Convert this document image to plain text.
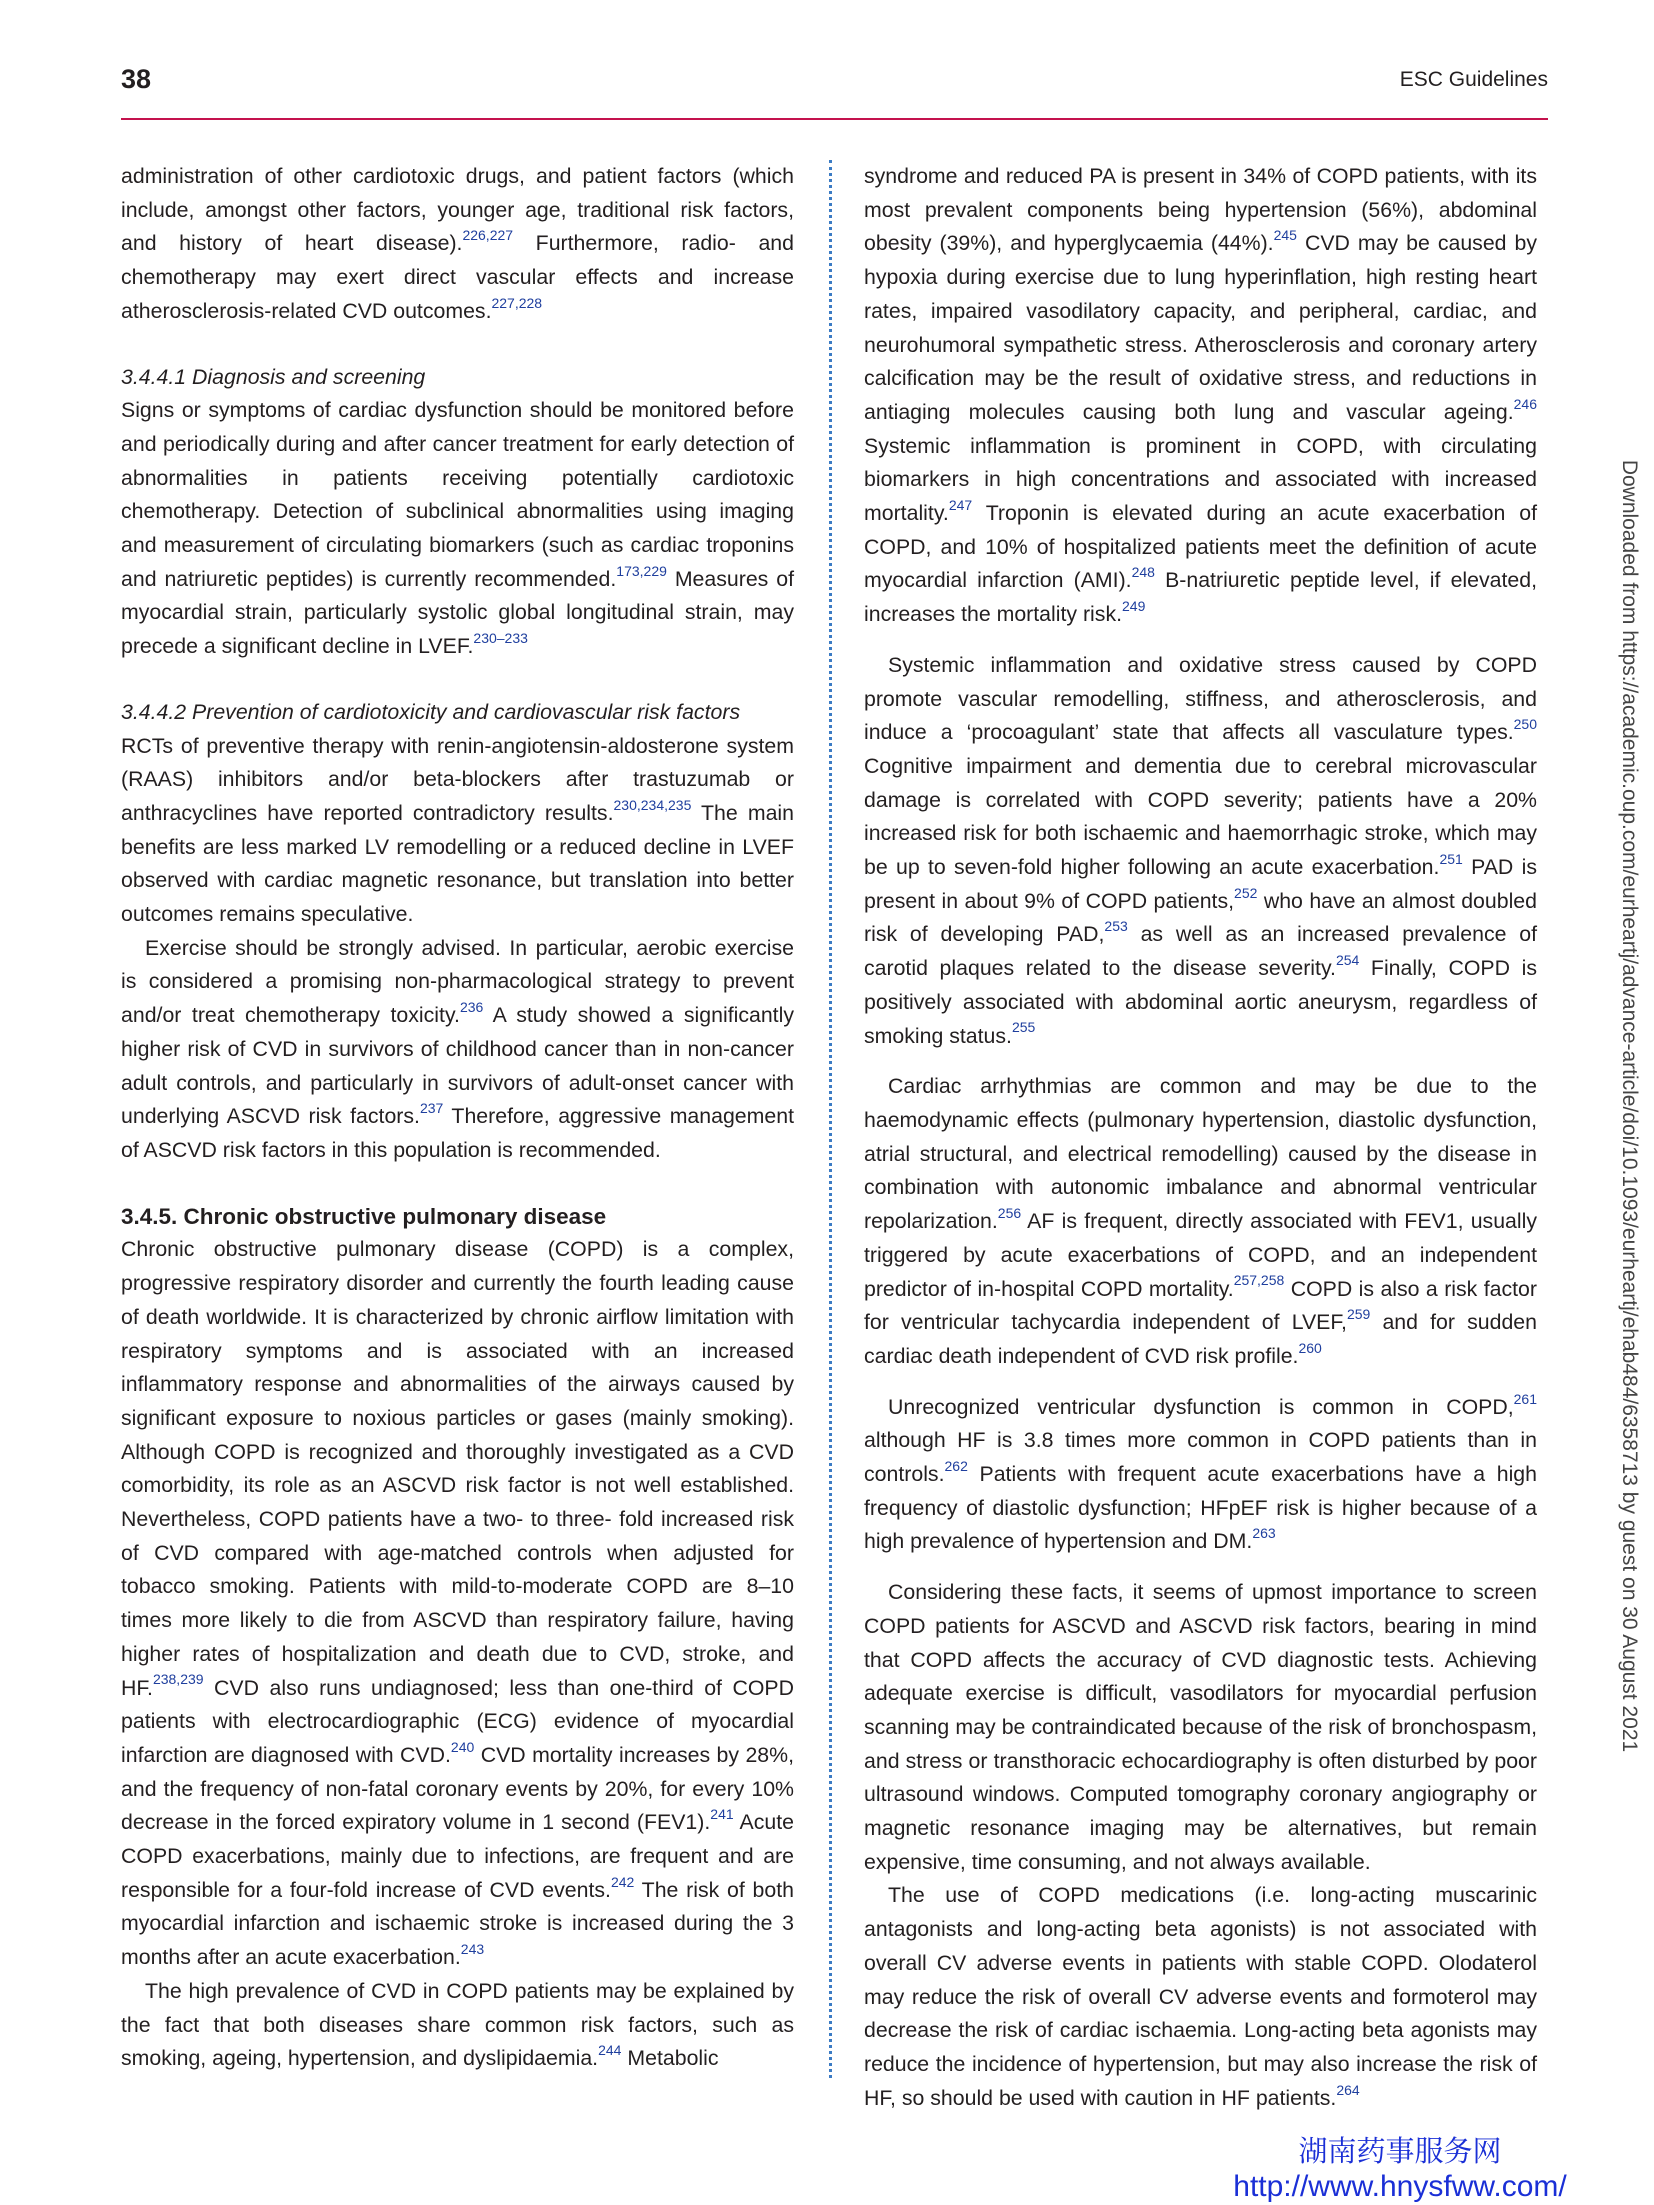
38	ESC Guidelines

administration of other cardiotoxic drugs, and patient factors (which include, amongst other factors, younger age, traditional risk factors, and history of heart disease).$^{226,227}$ Furthermore, radio- and chemotherapy may exert direct vascular effects and increase atherosclerosis-related CVD outcomes.$^{227,228}$

3.4.4.1 Diagnosis and screening

Signs or symptoms of cardiac dysfunction should be monitored before and periodically during and after cancer treatment for early detection of abnormalities in patients receiving potentially cardiotoxic chemotherapy. Detection of subclinical abnormalities using imaging and measurement of circulating biomarkers (such as cardiac troponins and natriuretic peptides) is currently recommended.$^{173,229}$ Measures of myocardial strain, particularly systolic global longitudinal strain, may precede a significant decline in LVEF.$^{230-233}$

3.4.4.2 Prevention of cardiotoxicity and cardiovascular risk factors

RCTs of preventive therapy with renin-angiotensin-aldosterone system (RAAS) inhibitors and/or beta-blockers after trastuzumab or anthracyclines have reported contradictory results.$^{230,234,235}$ The main benefits are less marked LV remodelling or a reduced decline in LVEF observed with cardiac magnetic resonance, but translation into better outcomes remains speculative.

Exercise should be strongly advised. In particular, aerobic exercise is considered a promising non-pharmacological strategy to prevent and/or treat chemotherapy toxicity.$^{236}$ A study showed a significantly higher risk of CVD in survivors of childhood cancer than in non-cancer adult controls, and particularly in survivors of adult-onset cancer with underlying ASCVD risk factors.$^{237}$ Therefore, aggressive management of ASCVD risk factors in this population is recommended.

3.4.5. Chronic obstructive pulmonary disease

Chronic obstructive pulmonary disease (COPD) is a complex, progressive respiratory disorder and currently the fourth leading cause of death worldwide. It is characterized by chronic airflow limitation with respiratory symptoms and is associated with an increased inflammatory response and abnormalities of the airways caused by significant exposure to noxious particles or gases (mainly smoking). Although COPD is recognized and thoroughly investigated as a CVD comorbidity, its role as an ASCVD risk factor is not well established. Nevertheless, COPD patients have a two- to three- fold increased risk of CVD compared with age-matched controls when adjusted for tobacco smoking. Patients with mild-to-moderate COPD are 8–10 times more likely to die from ASCVD than respiratory failure, having higher rates of hospitalization and death due to CVD, stroke, and HF.$^{238,239}$ CVD also runs undiagnosed; less than one-third of COPD patients with electrocardiographic (ECG) evidence of myocardial infarction are diagnosed with CVD.$^{240}$ CVD mortality increases by 28%, and the frequency of non-fatal coronary events by 20%, for every 10% decrease in the forced expiratory volume in 1 second (FEV1).$^{241}$ Acute COPD exacerbations, mainly due to infections, are frequent and are responsible for a four-fold increase of CVD events.$^{242}$ The risk of both myocardial infarction and ischaemic stroke is increased during the 3 months after an acute exacerbation.$^{243}$

The high prevalence of CVD in COPD patients may be explained by the fact that both diseases share common risk factors, such as smoking, ageing, hypertension, and dyslipidaemia.$^{244}$ Metabolic

syndrome and reduced PA is present in 34% of COPD patients, with its most prevalent components being hypertension (56%), abdominal obesity (39%), and hyperglycaemia (44%).$^{245}$ CVD may be caused by hypoxia during exercise due to lung hyperinflation, high resting heart rates, impaired vasodilatory capacity, and peripheral, cardiac, and neurohumoral sympathetic stress. Atherosclerosis and coronary artery calcification may be the result of oxidative stress, and reductions in antiaging molecules causing both lung and vascular ageing.$^{246}$ Systemic inflammation is prominent in COPD, with circulating biomarkers in high concentrations and associated with increased mortality.$^{247}$ Troponin is elevated during an acute exacerbation of COPD, and 10% of hospitalized patients meet the definition of acute myocardial infarction (AMI).$^{248}$ B-natriuretic peptide level, if elevated, increases the mortality risk.$^{249}$

Systemic inflammation and oxidative stress caused by COPD promote vascular remodelling, stiffness, and atherosclerosis, and induce a ‘procoagulant’ state that affects all vasculature types.$^{250}$ Cognitive impairment and dementia due to cerebral microvascular damage is correlated with COPD severity; patients have a 20% increased risk for both ischaemic and haemorrhagic stroke, which may be up to seven-fold higher following an acute exacerbation.$^{251}$ PAD is present in about 9% of COPD patients,$^{252}$ who have an almost doubled risk of developing PAD,$^{253}$ as well as an increased prevalence of carotid plaques related to the disease severity.$^{254}$ Finally, COPD is positively associated with abdominal aortic aneurysm, regardless of smoking status.$^{255}$

Cardiac arrhythmias are common and may be due to the haemodynamic effects (pulmonary hypertension, diastolic dysfunction, atrial structural, and electrical remodelling) caused by the disease in combination with autonomic imbalance and abnormal ventricular repolarization.$^{256}$ AF is frequent, directly associated with FEV1, usually triggered by acute exacerbations of COPD, and an independent predictor of in-hospital COPD mortality.$^{257,258}$ COPD is also a risk factor for ventricular tachycardia independent of LVEF,$^{259}$ and for sudden cardiac death independent of CVD risk profile.$^{260}$

Unrecognized ventricular dysfunction is common in COPD,$^{261}$ although HF is 3.8 times more common in COPD patients than in controls.$^{262}$ Patients with frequent acute exacerbations have a high frequency of diastolic dysfunction; HFpEF risk is higher because of a high prevalence of hypertension and DM.$^{263}$

Considering these facts, it seems of upmost importance to screen COPD patients for ASCVD and ASCVD risk factors, bearing in mind that COPD affects the accuracy of CVD diagnostic tests. Achieving adequate exercise is difficult, vasodilators for myocardial perfusion scanning may be contraindicated because of the risk of bronchospasm, and stress or transthoracic echocardiography is often disturbed by poor ultrasound windows. Computed tomography coronary angiography or magnetic resonance imaging may be alternatives, but remain expensive, time consuming, and not always available.

The use of COPD medications (i.e. long-acting muscarinic antagonists and long-acting beta agonists) is not associated with overall CV adverse events in patients with stable COPD. Olodaterol may reduce the risk of overall CV adverse events and formoterol may decrease the risk of cardiac ischaemia. Long-acting beta agonists may reduce the incidence of hypertension, but may also increase the risk of HF, so should be used with caution in HF patients.$^{264}$

Downloaded from https://academic.oup.com/eurheartj/advance-article/doi/10.1093/eurheartj/ehab484/6358713 by guest on 30 August 2021
湖南药事服务网
http://www.hnysfww.com/
